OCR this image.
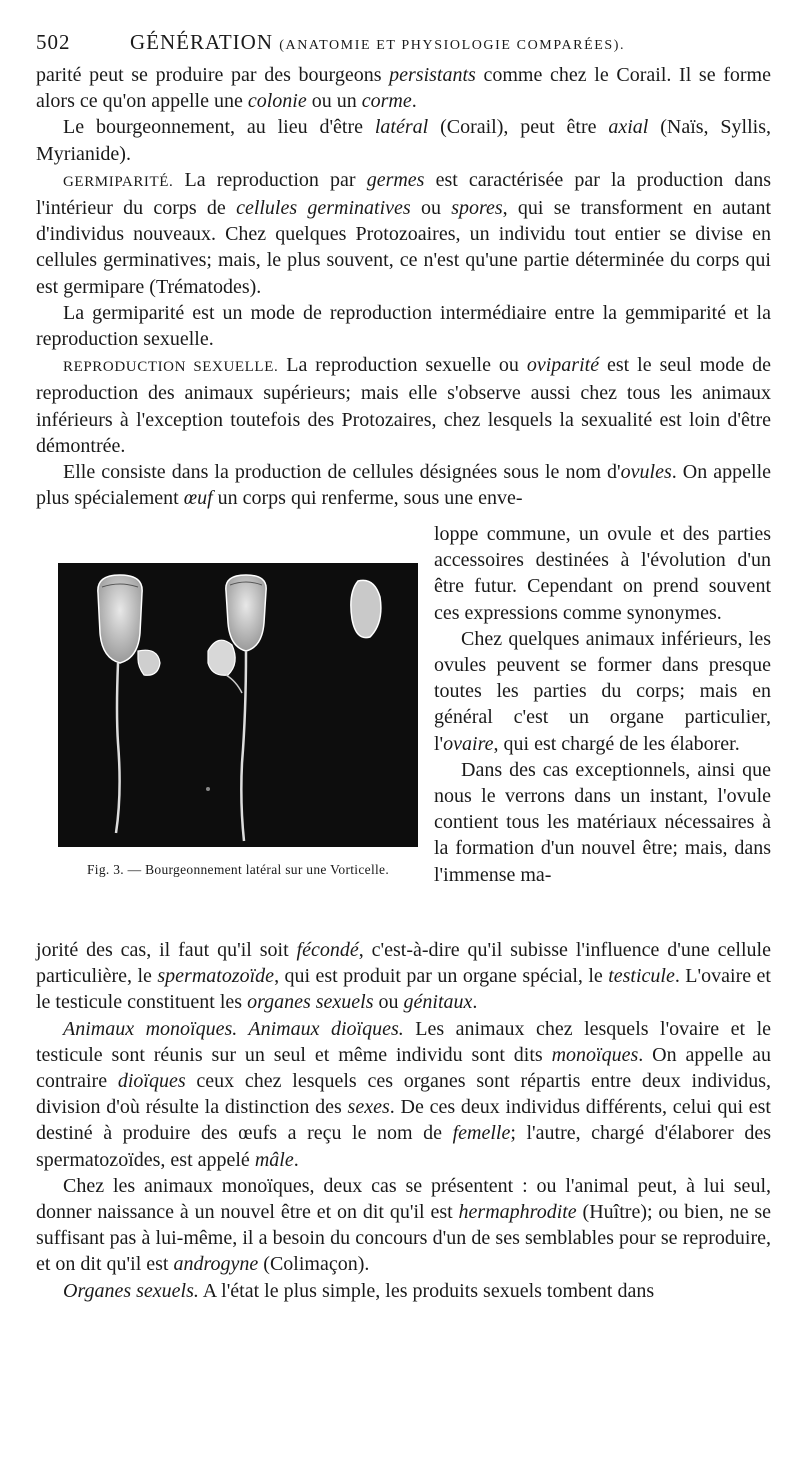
502	GÉNÉRATION (ANATOMIE ET PHYSIOLOGIE COMPARÉES).

parité peut se produire par des bourgeons persistants comme chez le Corail. Il se forme alors ce qu'on appelle une colonie ou un corme.

Le bourgeonnement, au lieu d'être latéral (Corail), peut être axial (Naïs, Syllis, Myrianide).

GERMIPARITÉ. La reproduction par germes est caractérisée par la production dans l'intérieur du corps de cellules germinatives ou spores, qui se transforment en autant d'individus nouveaux. Chez quelques Protozoaires, un individu tout entier se divise en cellules germinatives; mais, le plus souvent, ce n'est qu'une partie déterminée du corps qui est germipare (Trématodes).

La germiparité est un mode de reproduction intermédiaire entre la gemmiparité et la reproduction sexuelle.

REPRODUCTION SEXUELLE. La reproduction sexuelle ou oviparité est le seul mode de reproduction des animaux supérieurs; mais elle s'observe aussi chez tous les animaux inférieurs à l'exception toutefois des Protozaires, chez lesquels la sexualité est loin d'être démontrée.

Elle consiste dans la production de cellules désignées sous le nom d'ovules. On appelle plus spécialement œuf un corps qui renferme, sous une enve-

Fig. 3. — Bourgeonnement latéral sur une Vorticelle.

loppe commune, un ovule et des parties accessoires destinées à l'évolution d'un être futur. Cependant on prend souvent ces expressions comme synonymes.

Chez quelques animaux inférieurs, les ovules peuvent se former dans presque toutes les parties du corps; mais en général c'est un organe particulier, l'ovaire, qui est chargé de les élaborer.

Dans des cas exceptionnels, ainsi que nous le verrons dans un instant, l'ovule contient tous les matériaux nécessaires à la formation d'un nouvel être; mais, dans l'immense ma-

jorité des cas, il faut qu'il soit fécondé, c'est-à-dire qu'il subisse l'influence d'une cellule particulière, le spermatozoïde, qui est produit par un organe spécial, le testicule. L'ovaire et le testicule constituent les organes sexuels ou génitaux.

Animaux monoïques. Animaux dioïques. Les animaux chez lesquels l'ovaire et le testicule sont réunis sur un seul et même individu sont dits monoïques. On appelle au contraire dioïques ceux chez lesquels ces organes sont répartis entre deux individus, division d'où résulte la distinction des sexes. De ces deux individus différents, celui qui est destiné à produire des œufs a reçu le nom de femelle; l'autre, chargé d'élaborer des spermatozoïdes, est appelé mâle.

Chez les animaux monoïques, deux cas se présentent : ou l'animal peut, à lui seul, donner naissance à un nouvel être et on dit qu'il est hermaphrodite (Huître); ou bien, ne se suffisant pas à lui-même, il a besoin du concours d'un de ses semblables pour se reproduire, et on dit qu'il est androgyne (Colimaçon).

Organes sexuels. A l'état le plus simple, les produits sexuels tombent dans
